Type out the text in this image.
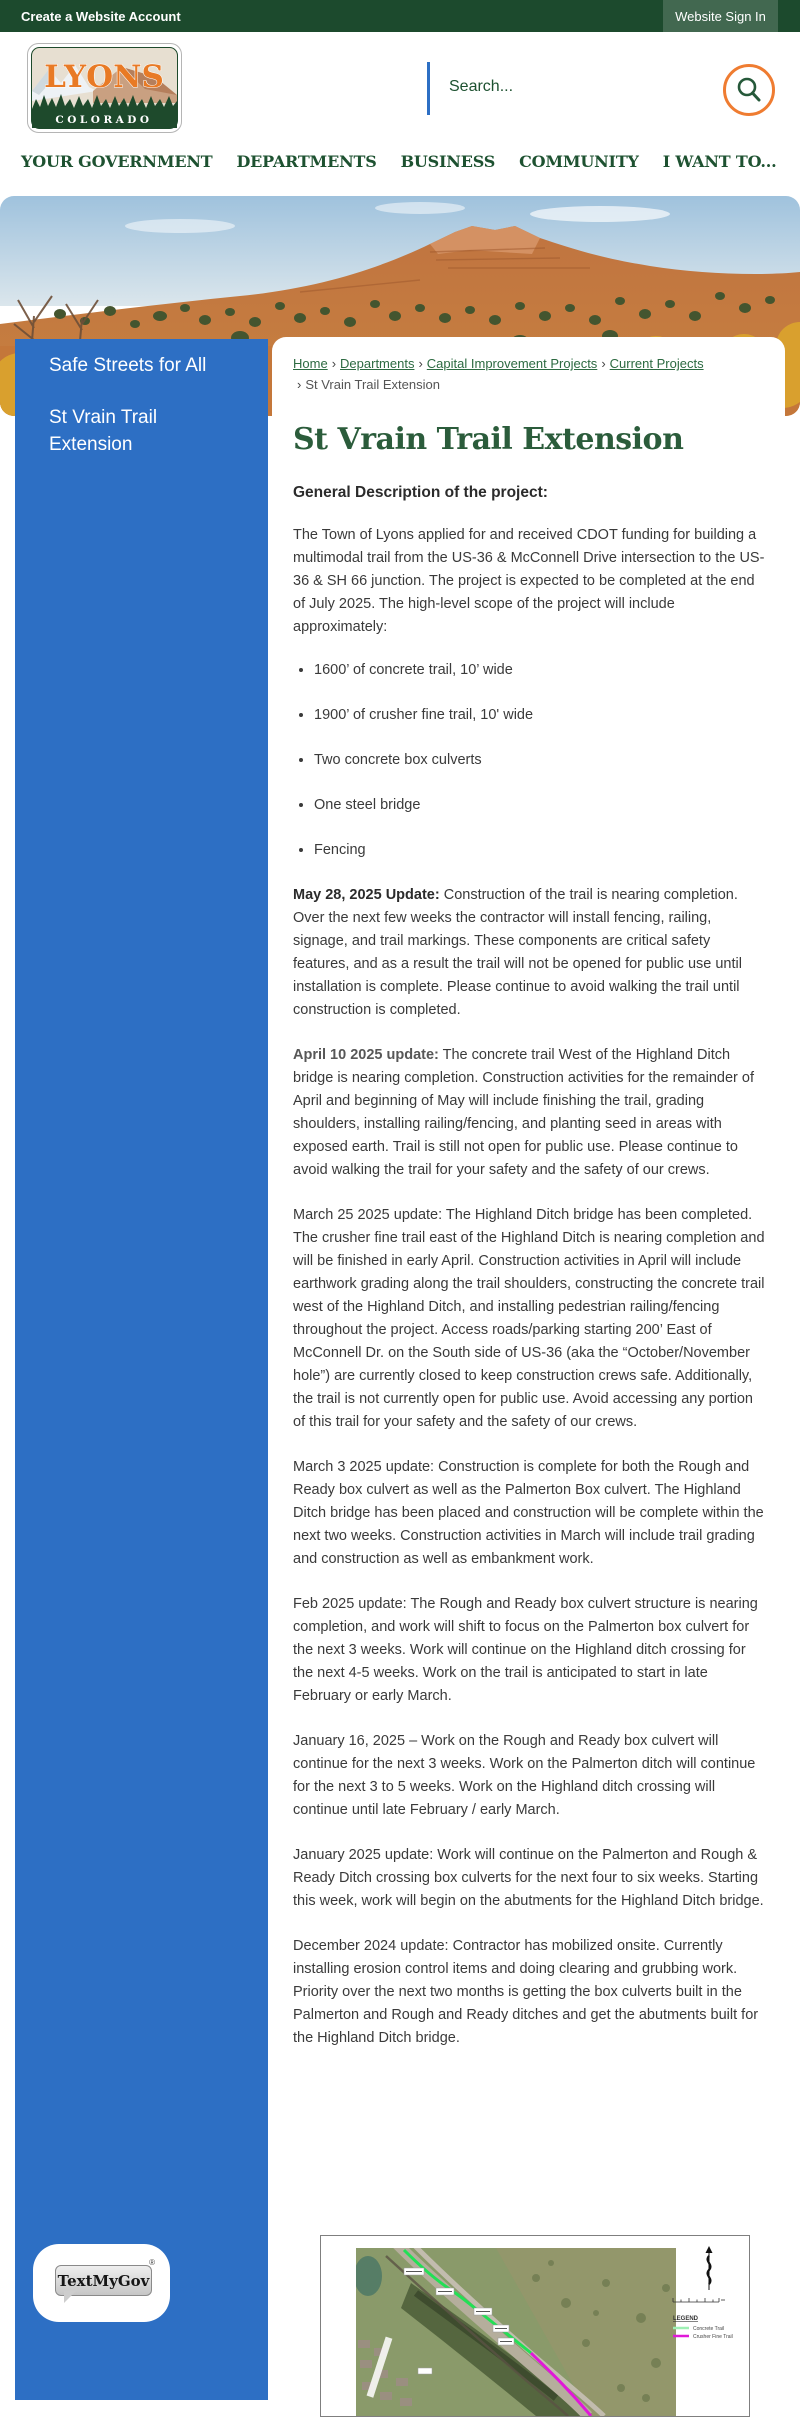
Create a Website Account	Website Sign In
LYONS
COLORADO
Search...
YOUR GOVERNMENT DEPARTMENTS BUSINESS COMMUNITY I WANT TO...
Safe Streets for All
St Vrain Trail Extension
TextMyGov
®
Home › Departments › Capital Improvement Projects › Current Projects
› St Vrain Trail Extension
St Vrain Trail Extension
General Description of the project:

The Town of Lyons applied for and received CDOT funding for building a multimodal trail from the US-36 & McConnell Drive intersection to the US-36 & SH 66 junction. The project is expected to be completed at the end of July 2025. The high-level scope of the project will include approximately:

• 1600’ of concrete trail, 10’ wide
• 1900’ of crusher fine trail, 10' wide
• Two concrete box culverts
• One steel bridge
• Fencing

May 28, 2025 Update: Construction of the trail is nearing completion. Over the next few weeks the contractor will install fencing, railing, signage, and trail markings. These components are critical safety features, and as a result the trail will not be opened for public use until installation is complete. Please continue to avoid walking the trail until construction is completed.

April 10 2025 update: The concrete trail West of the Highland Ditch bridge is nearing completion. Construction activities for the remainder of April and beginning of May will include finishing the trail, grading shoulders, installing railing/fencing, and planting seed in areas with exposed earth. Trail is still not open for public use. Please continue to avoid walking the trail for your safety and the safety of our crews.

March 25 2025 update: The Highland Ditch bridge has been completed. The crusher fine trail east of the Highland Ditch is nearing completion and will be finished in early April. Construction activities in April will include earthwork grading along the trail shoulders, constructing the concrete trail west of the Highland Ditch, and installing pedestrian railing/fencing throughout the project. Access roads/parking starting 200’ East of McConnell Dr. on the South side of US-36 (aka the “October/November hole”) are currently closed to keep construction crews safe. Additionally, the trail is not currently open for public use. Avoid accessing any portion of this trail for your safety and the safety of our crews.

March 3 2025 update: Construction is complete for both the Rough and Ready box culvert as well as the Palmerton Box culvert. The Highland Ditch bridge has been placed and construction will be complete within the next two weeks. Construction activities in March will include trail grading and construction as well as embankment work.

Feb 2025 update: The Rough and Ready box culvert structure is nearing completion, and work will shift to focus on the Palmerton box culvert for the next 3 weeks. Work will continue on the Highland ditch crossing for the next 4-5 weeks. Work on the trail is anticipated to start in late February or early March.

January 16, 2025 – Work on the Rough and Ready box culvert will continue for the next 3 weeks. Work on the Palmerton ditch will continue for the next 3 to 5 weeks. Work on the Highland ditch crossing will continue until late February / early March.

January 2025 update: Work will continue on the Palmerton and Rough & Ready Ditch crossing box culverts for the next four to six weeks. Starting this week, work will begin on the abutments for the Highland Ditch bridge.

December 2024 update: Contractor has mobilized onsite. Currently installing erosion control items and doing clearing and grubbing work. Priority over the next two months is getting the box culverts built in the Palmerton and Rough and Ready ditches and get the abutments built for the Highland Ditch bridge.

LEGEND
Concrete Trail
Crusher Fine Trail
